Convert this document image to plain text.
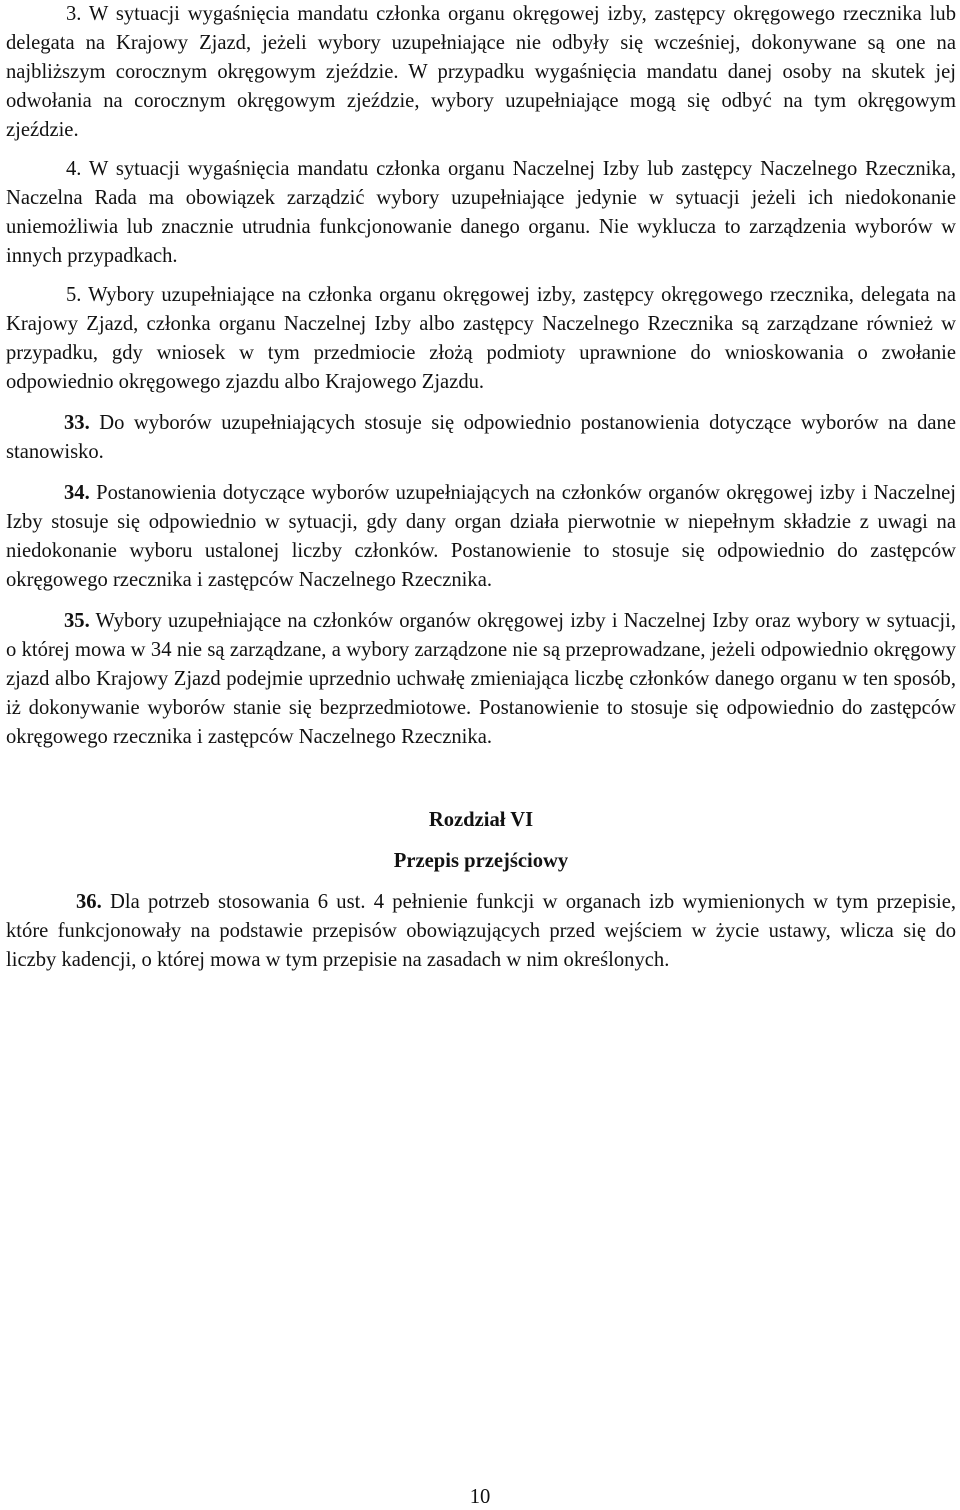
3. W sytuacji wygaśnięcia mandatu członka organu okręgowej izby, zastępcy okręgowego rzecznika lub delegata na Krajowy Zjazd, jeżeli wybory uzupełniające nie odbyły się wcześniej, dokonywane są one na najbliższym corocznym okręgowym zjeździe. W przypadku wygaśnięcia mandatu danej osoby na skutek jej odwołania na corocznym okręgowym zjeździe, wybory uzupełniające mogą się odbyć na tym okręgowym zjeździe.

4. W sytuacji wygaśnięcia mandatu członka organu Naczelnej Izby lub zastępcy Naczelnego Rzecznika, Naczelna Rada ma obowiązek zarządzić wybory uzupełniające jedynie w sytuacji jeżeli ich niedokonanie uniemożliwia lub znacznie utrudnia funkcjonowanie danego organu. Nie wyklucza to zarządzenia wyborów w innych przypadkach.

5. Wybory uzupełniające na członka organu okręgowej izby, zastępcy okręgowego rzecznika, delegata na Krajowy Zjazd, członka organu Naczelnej Izby albo zastępcy Naczelnego Rzecznika są zarządzane również w przypadku, gdy wniosek w tym przedmiocie złożą podmioty uprawnione do wnioskowania o zwołanie odpowiednio okręgowego zjazdu albo Krajowego Zjazdu.

33. Do wyborów uzupełniających stosuje się odpowiednio postanowienia dotyczące wyborów na dane stanowisko.

34. Postanowienia dotyczące wyborów uzupełniających na członków organów okręgowej izby i Naczelnej Izby stosuje się odpowiednio w sytuacji, gdy dany organ działa pierwotnie w niepełnym składzie z uwagi na niedokonanie wyboru ustalonej liczby członków. Postanowienie to stosuje się odpowiednio do zastępców okręgowego rzecznika i zastępców Naczelnego Rzecznika.

35. Wybory uzupełniające na członków organów okręgowej izby i Naczelnej Izby oraz wybory w sytuacji, o której mowa w 34 nie są zarządzane, a wybory zarządzone nie są przeprowadzane, jeżeli odpowiednio okręgowy zjazd albo Krajowy Zjazd podejmie uprzednio uchwałę zmieniająca liczbę członków danego organu w ten sposób, iż dokonywanie wyborów stanie się bezprzedmiotowe. Postanowienie to stosuje się odpowiednio do zastępców okręgowego rzecznika i zastępców Naczelnego Rzecznika.

Rozdział VI
Przepis przejściowy

36. Dla potrzeb stosowania 6 ust. 4 pełnienie funkcji w organach izb wymienionych w tym przepisie, które funkcjonowały na podstawie przepisów obowiązujących przed wejściem w życie ustawy, wlicza się do liczby kadencji, o której mowa w tym przepisie na zasadach w nim określonych.

10
